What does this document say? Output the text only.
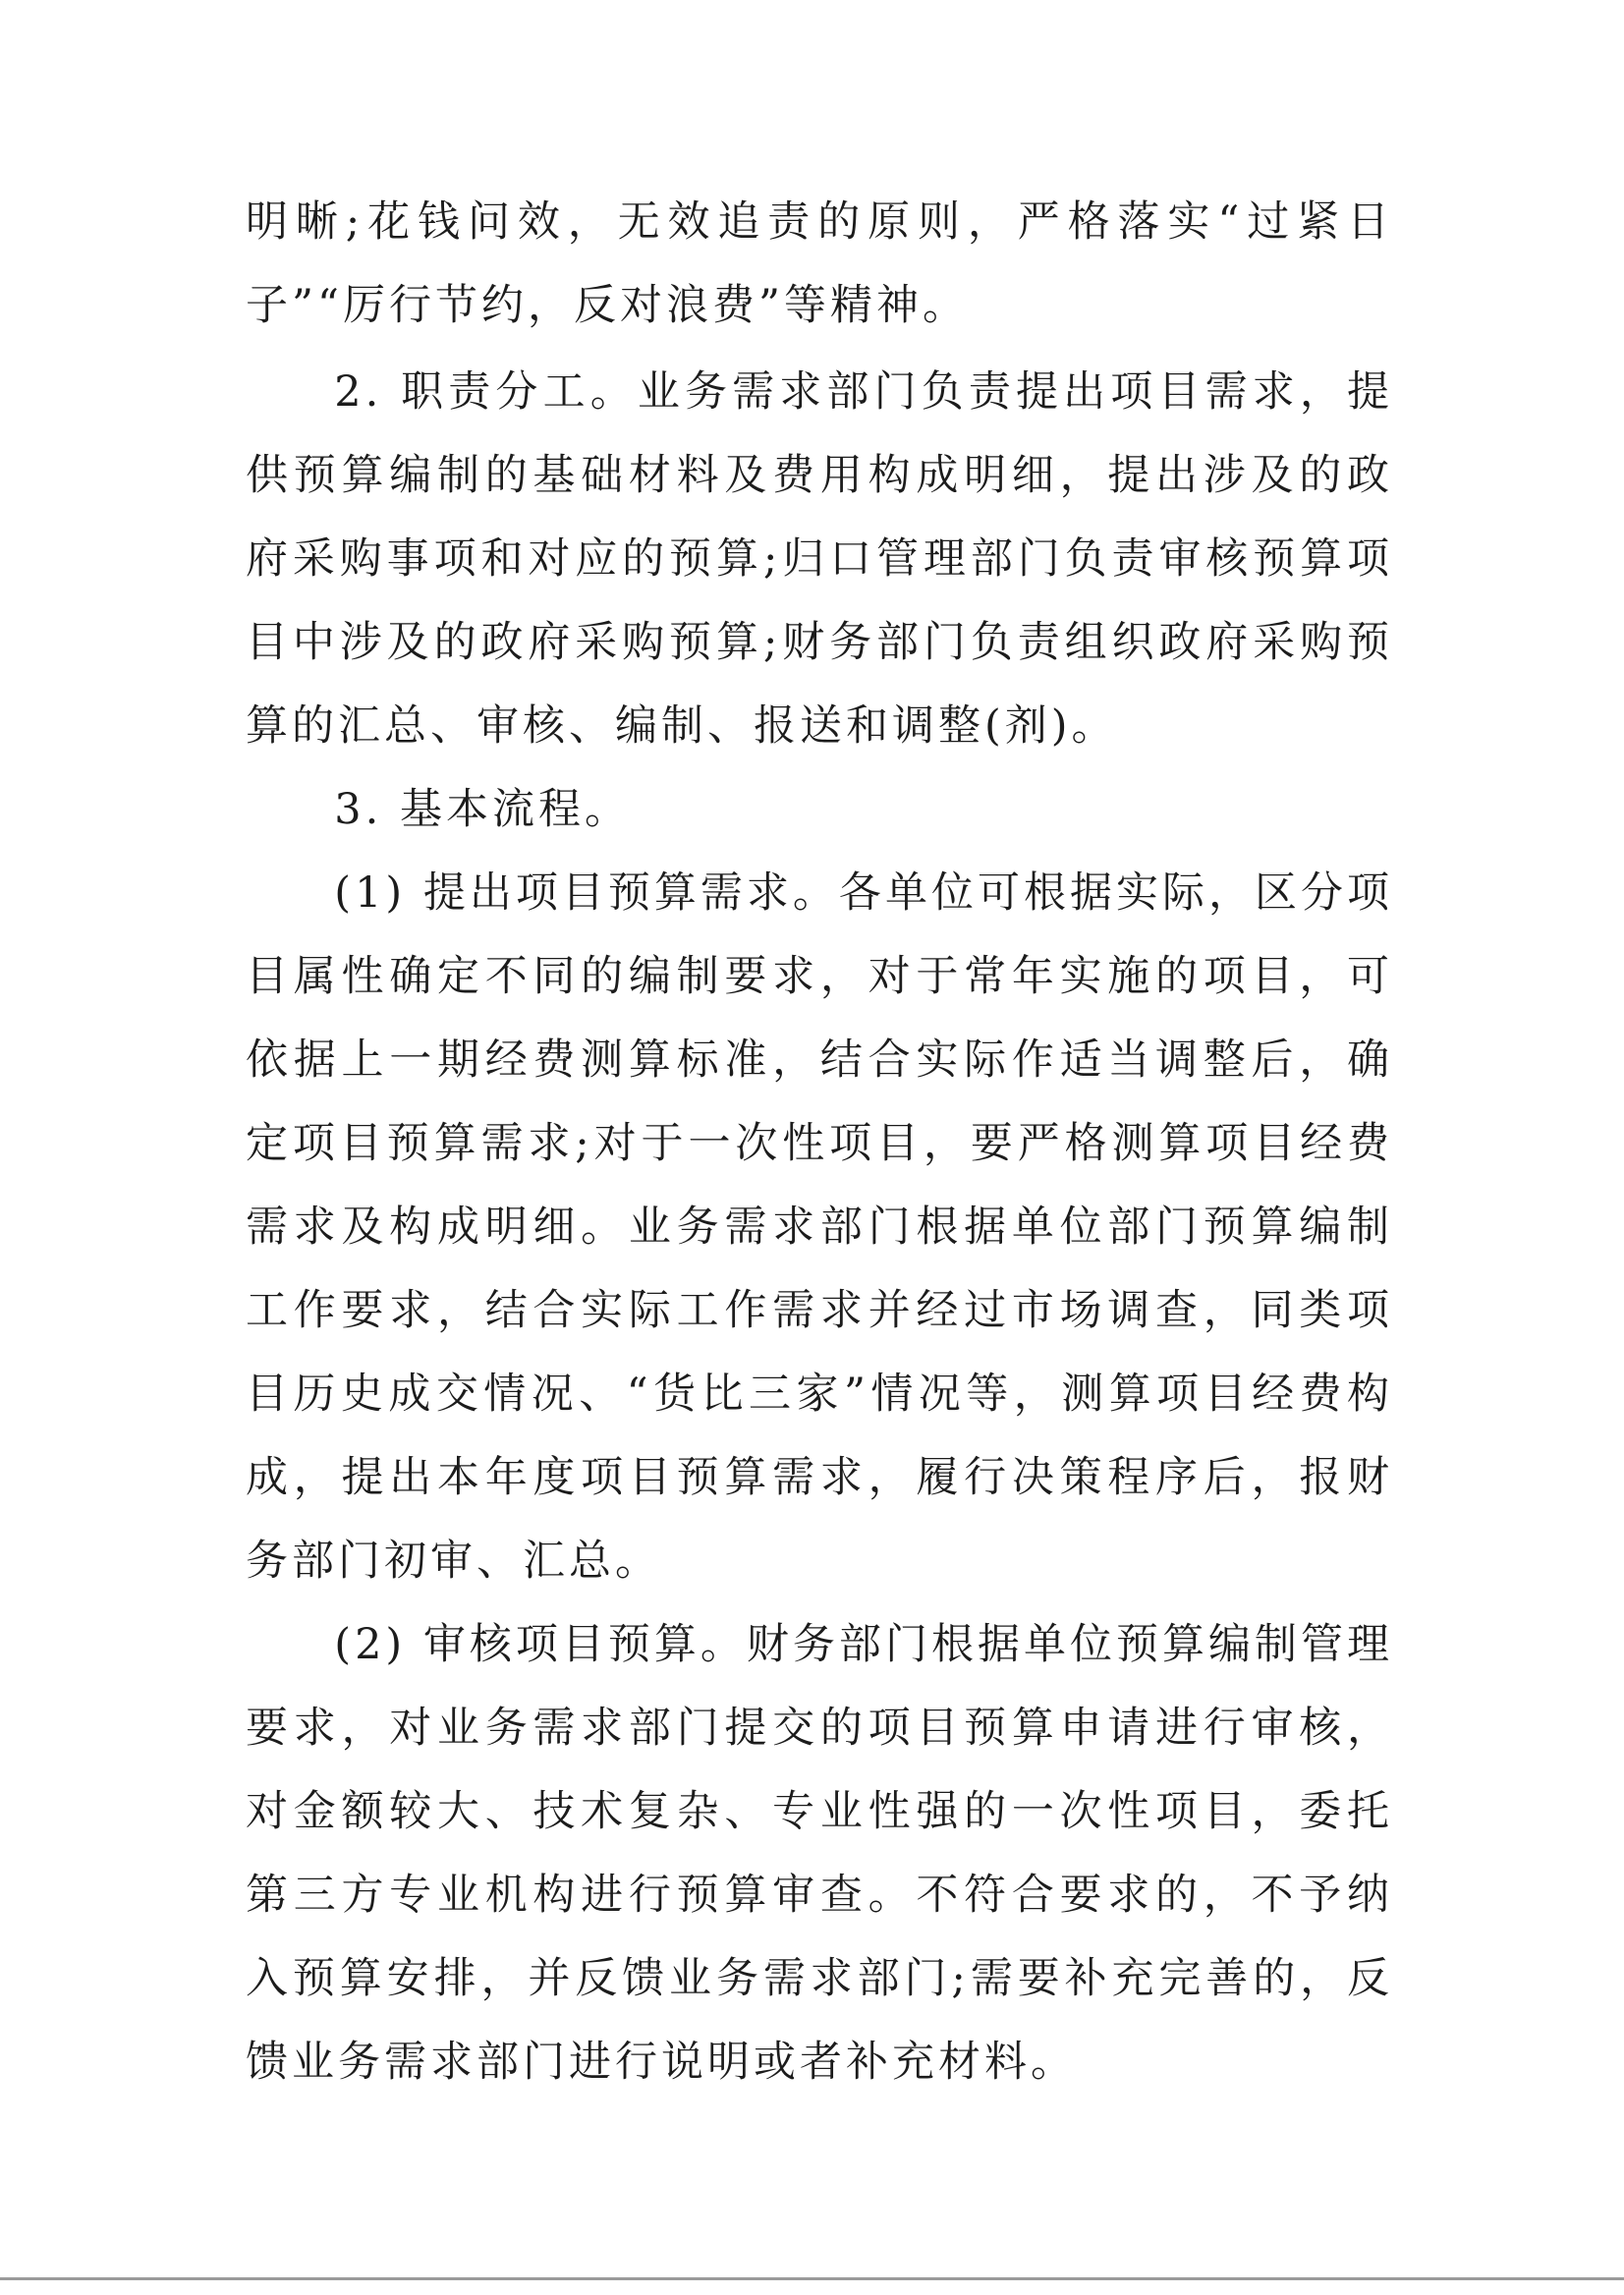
明晰;花钱问效，无效追责的原则，严格落实“过紧日子”“厉行节约，反对浪费”等精神。

2. 职责分工。业务需求部门负责提出项目需求，提供预算编制的基础材料及费用构成明细，提出涉及的政府采购事项和对应的预算;归口管理部门负责审核预算项目中涉及的政府采购预算;财务部门负责组织政府采购预算的汇总、审核、编制、报送和调整(剂)。

3. 基本流程。

(1) 提出项目预算需求。各单位可根据实际，区分项目属性确定不同的编制要求，对于常年实施的项目，可依据上一期经费测算标准，结合实际作适当调整后，确定项目预算需求;对于一次性项目，要严格测算项目经费需求及构成明细。业务需求部门根据单位部门预算编制工作要求，结合实际工作需求并经过市场调查，同类项目历史成交情况、“货比三家”情况等，测算项目经费构成，提出本年度项目预算需求，履行决策程序后，报财务部门初审、汇总。

(2) 审核项目预算。财务部门根据单位预算编制管理要求，对业务需求部门提交的项目预算申请进行审核，对金额较大、技术复杂、专业性强的一次性项目，委托第三方专业机构进行预算审查。不符合要求的，不予纳入预算安排，并反馈业务需求部门;需要补充完善的，反馈业务需求部门进行说明或者补充材料。
